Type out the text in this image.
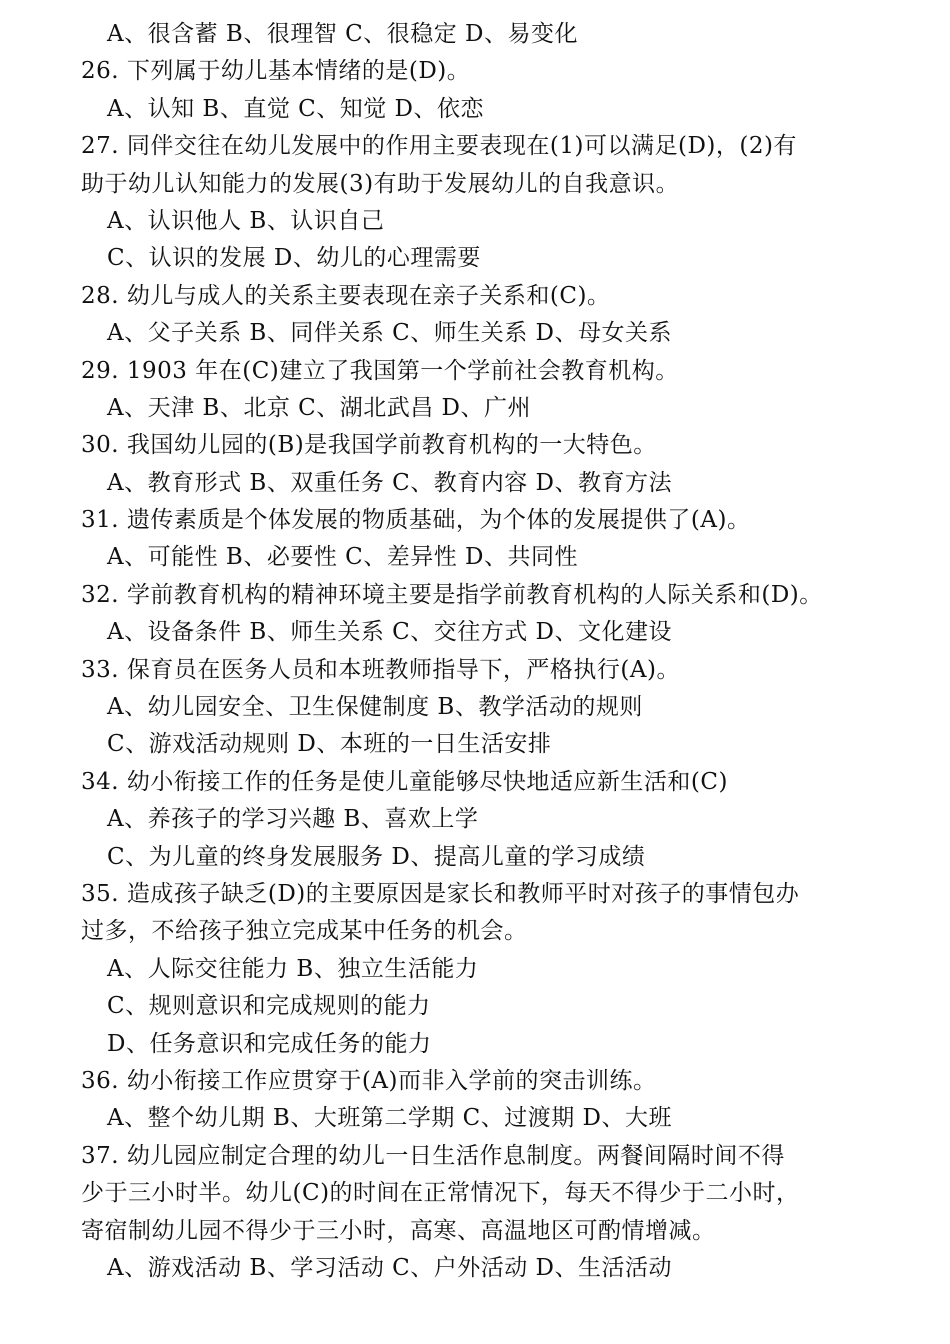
A、很含蓄 B、很理智 C、很稳定 D、易变化
26. 下列属于幼儿基本情绪的是(D)。
A、认知 B、直觉 C、知觉 D、依恋
27. 同伴交往在幼儿发展中的作用主要表现在(1)可以满足(D)，(2)有
助于幼儿认知能力的发展(3)有助于发展幼儿的自我意识。
A、认识他人 B、认识自己
C、认识的发展 D、幼儿的心理需要
28. 幼儿与成人的关系主要表现在亲子关系和(C)。
A、父子关系 B、同伴关系 C、师生关系 D、母女关系
29. 1903 年在(C)建立了我国第一个学前社会教育机构。
A、天津 B、北京 C、湖北武昌 D、广州
30. 我国幼儿园的(B)是我国学前教育机构的一大特色。
A、教育形式 B、双重任务 C、教育内容 D、教育方法
31. 遗传素质是个体发展的物质基础，为个体的发展提供了(A)。
A、可能性 B、必要性 C、差异性 D、共同性
32. 学前教育机构的精神环境主要是指学前教育机构的人际关系和(D)。
A、设备条件 B、师生关系 C、交往方式 D、文化建设
33. 保育员在医务人员和本班教师指导下，严格执行(A)。
A、幼儿园安全、卫生保健制度 B、教学活动的规则
C、游戏活动规则 D、本班的一日生活安排
34. 幼小衔接工作的任务是使儿童能够尽快地适应新生活和(C)
A、养孩子的学习兴趣 B、喜欢上学
C、为儿童的终身发展服务 D、提高儿童的学习成绩
35. 造成孩子缺乏(D)的主要原因是家长和教师平时对孩子的事情包办
过多，不给孩子独立完成某中任务的机会。
A、人际交往能力 B、独立生活能力
C、规则意识和完成规则的能力
D、任务意识和完成任务的能力
36. 幼小衔接工作应贯穿于(A)而非入学前的突击训练。
A、整个幼儿期 B、大班第二学期 C、过渡期 D、大班
37. 幼儿园应制定合理的幼儿一日生活作息制度。两餐间隔时间不得
少于三小时半。幼儿(C)的时间在正常情况下，每天不得少于二小时，
寄宿制幼儿园不得少于三小时，高寒、高温地区可酌情增减。
A、游戏活动 B、学习活动 C、户外活动 D、生活活动
